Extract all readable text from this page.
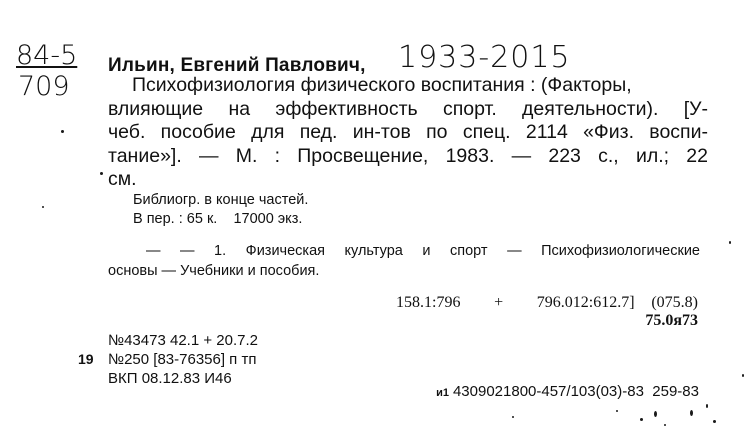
84-5
709
1933-2015
Ильин, Евгений Павлович,
Психофизиология физического воспитания : (Факторы,
влияющие на эффективность спорт. деятельности). [У-
чеб. пособие для пед. ин-тов по спец. 2114 «Физ. воспи-
тание»]. — М. : Просвещение, 1983. — 223 с., ил.; 22
см.
Библиогр. в конце частей.
В пер. : 65 к.    17000 экз.
— — 1. Физическая культура и спорт — Психофизиологические
основы — Учебники и пособия.
158.1:796  +  796.012:612.7] (075.8)
75.0я73
№43473 42.1 + 20.7.2
19 №250 [83-76356] п тп
ВКП 08.12.83 И46
и1 4309021800-457/103(03)-83  259-83
